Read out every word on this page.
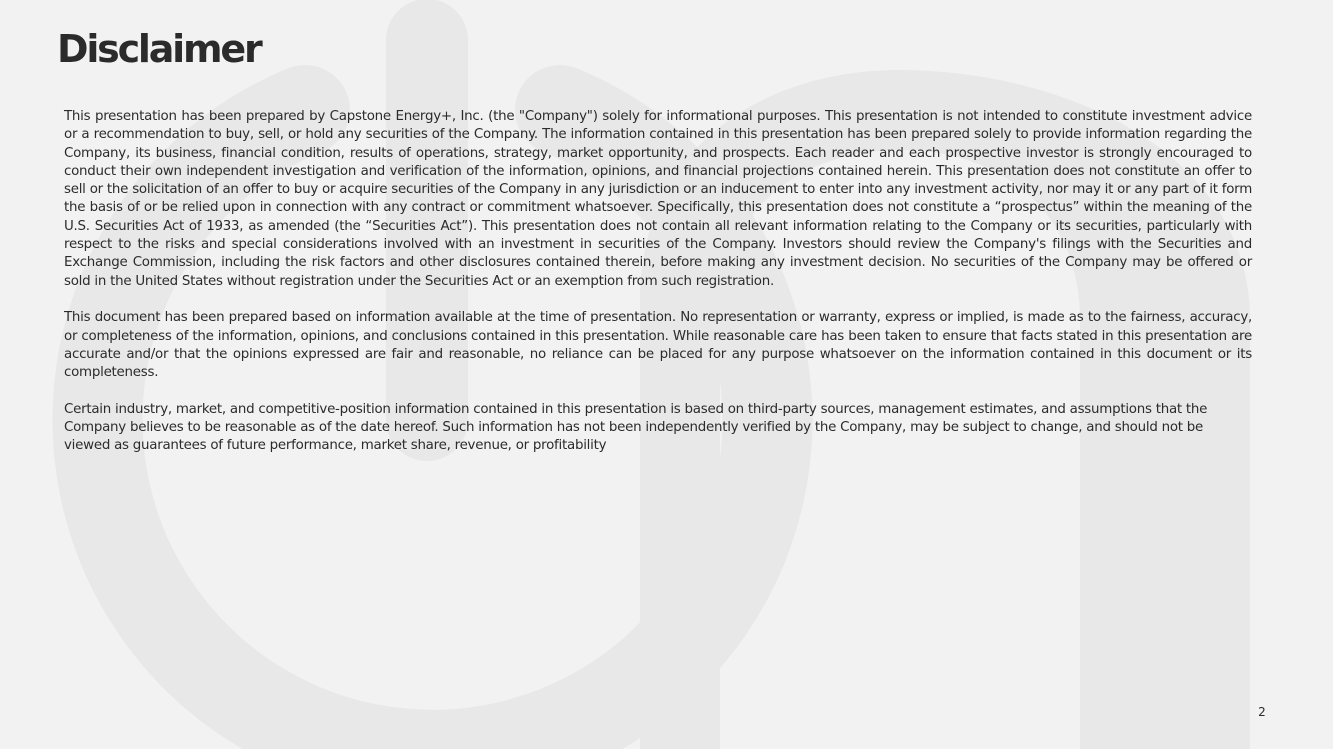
Disclaimer

This presentation has been prepared by Capstone Energy+, Inc. (the "Company") solely for informational purposes. This presentation is not intended to constitute investment advice or a recommendation to buy, sell, or hold any securities of the Company. The information contained in this presentation has been prepared solely to provide information regarding the Company, its business, financial condition, results of operations, strategy, market opportunity, and prospects. Each reader and each prospective investor is strongly encouraged to conduct their own independent investigation and verification of the information, opinions, and financial projections contained herein. This presentation does not constitute an offer to sell or the solicitation of an offer to buy or acquire securities of the Company in any jurisdiction or an inducement to enter into any investment activity, nor may it or any part of it form the basis of or be relied upon in connection with any contract or commitment whatsoever. Specifically, this presentation does not constitute a “prospectus” within the meaning of the U.S. Securities Act of 1933, as amended (the “Securities Act”). This presentation does not contain all relevant information relating to the Company or its securities, particularly with respect to the risks and special considerations involved with an investment in securities of the Company. Investors should review the Company's filings with the Securities and Exchange Commission, including the risk factors and other disclosures contained therein, before making any investment decision. No securities of the Company may be offered or sold in the United States without registration under the Securities Act or an exemption from such registration.

This document has been prepared based on information available at the time of presentation. No representation or warranty, express or implied, is made as to the fairness, accuracy, or completeness of the information, opinions, and conclusions contained in this presentation. While reasonable care has been taken to ensure that facts stated in this presentation are accurate and/or that the opinions expressed are fair and reasonable, no reliance can be placed for any purpose whatsoever on the information contained in this document or its completeness.

Certain industry, market, and competitive-position information contained in this presentation is based on third-party sources, management estimates, and assumptions that the Company believes to be reasonable as of the date hereof. Such information has not been independently verified by the Company, may be subject to change, and should not be viewed as guarantees of future performance, market share, revenue, or profitability

2
